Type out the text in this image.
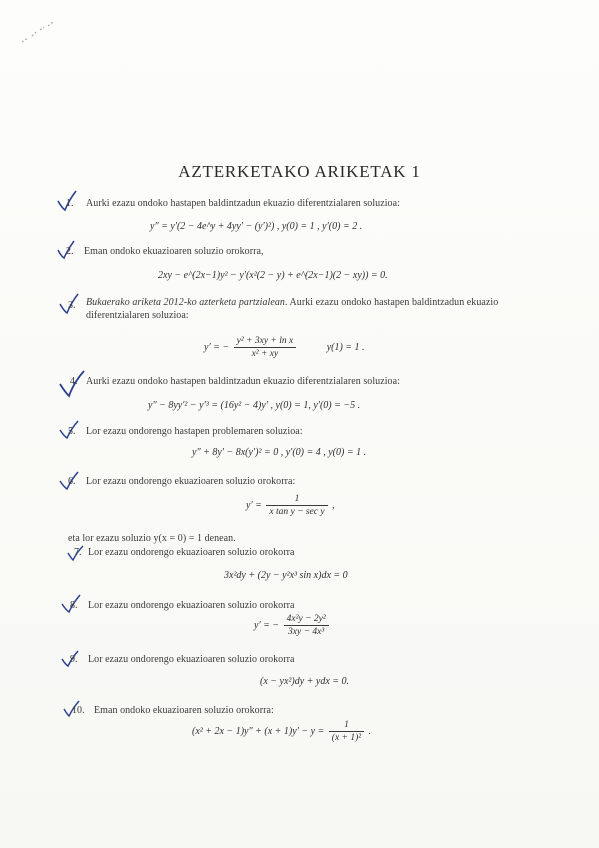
AZTERKETAKO ARIKETAK 1
1. Aurki ezazu ondoko hastapen baldintzadun ekuazio diferentzialaren soluzioa:
y″ = y′(2 − 4e^y + 4yy′ − (y′)²) , y(0) = 1 , y′(0) = 2 .
2. Eman ondoko ekuazioaren soluzio orokorra,
2xy − e^(2x−1)y² − y′(x²(2 − y) + e^(2x−1)(2 − xy)) = 0.
3. Bukaerako ariketa 2012-ko azterketa partzialean. Aurki ezazu ondoko hastapen baldintzadun ekuazio diferentzialaren soluzioa:
y′ = − $\frac{\text{y² + 3xy + ln x}}{\text{x² + xy}}$	y(1) = 1 .
4. Aurki ezazu ondoko hastapen baldintzadun ekuazio diferentzialaren soluzioa:
y″ − 8yy′² − y′³ = (16y² − 4)y′ , y(0) = 1, y′(0) = −5 .
5. Lor ezazu ondorengo hastapen problemaren soluzioa:
y″ + 8y′ − 8x(y′)² = 0 , y′(0) = 4 , y(0) = 1 .
6. Lor ezazu ondorengo ekuazioaren soluzio orokorra:
$y' = \frac{1}{\text{x tan y − sec y}}$ ,
eta lor ezazu soluzio y(x = 0) = 1 denean.
7. Lor ezazu ondorengo ekuazioaren soluzio orokorra
3x²dy + (2y − y²x³ sin x)dx = 0
8. Lor ezazu ondorengo ekuazioaren soluzio orokorra
y′ = − $\frac{\text{4x²y − 2y²}}{\text{3xy − 4x³}}$
9. Lor ezazu ondorengo ekuazioaren soluzio orokorra
(x − yx²)dy + ydx = 0.
10. Eman ondoko ekuazioaren soluzio orokorra:
$(x^2 + 2x - 1)y'' + (x + 1)y' - y = \frac{1}{\text{(x + 1)²}}$ .
